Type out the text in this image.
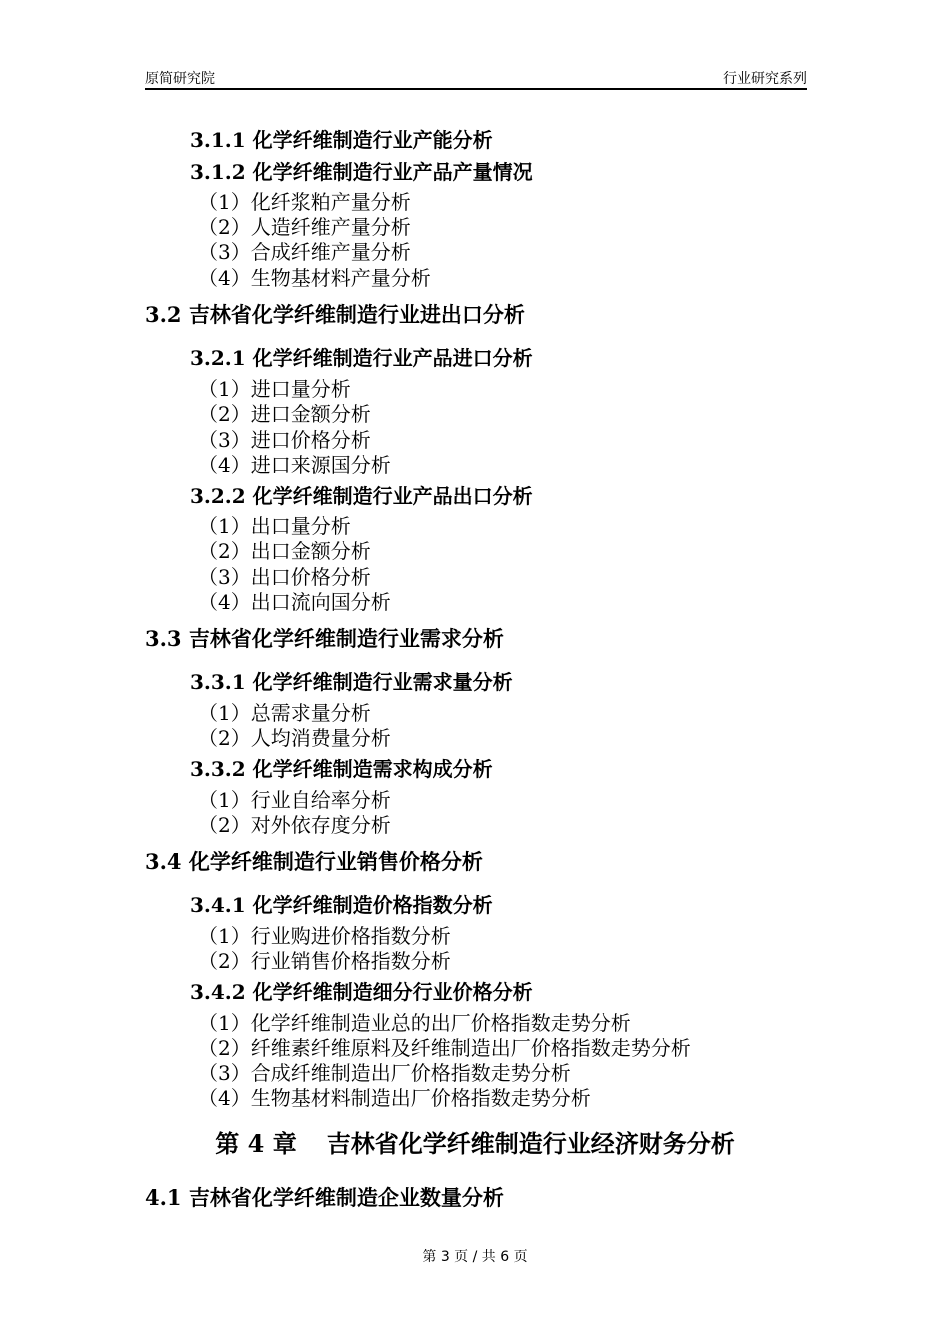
原简研究院	行业研究系列
3.1.1 化学纤维制造行业产能分析
3.1.2 化学纤维制造行业产品产量情况
（1）化纤浆粕产量分析
（2）人造纤维产量分析
（3）合成纤维产量分析
（4）生物基材料产量分析
3.2 吉林省化学纤维制造行业进出口分析
3.2.1 化学纤维制造行业产品进口分析
（1）进口量分析
（2）进口金额分析
（3）进口价格分析
（4）进口来源国分析
3.2.2 化学纤维制造行业产品出口分析
（1）出口量分析
（2）出口金额分析
（3）出口价格分析
（4）出口流向国分析
3.3 吉林省化学纤维制造行业需求分析
3.3.1 化学纤维制造行业需求量分析
（1）总需求量分析
（2）人均消费量分析
3.3.2 化学纤维制造需求构成分析
（1）行业自给率分析
（2）对外依存度分析
3.4 化学纤维制造行业销售价格分析
3.4.1 化学纤维制造价格指数分析
（1）行业购进价格指数分析
（2）行业销售价格指数分析
3.4.2 化学纤维制造细分行业价格分析
（1）化学纤维制造业总的出厂价格指数走势分析
（2）纤维素纤维原料及纤维制造出厂价格指数走势分析
（3）合成纤维制造出厂价格指数走势分析
（4）生物基材料制造出厂价格指数走势分析
第 4 章 吉林省化学纤维制造行业经济财务分析
4.1 吉林省化学纤维制造企业数量分析
第 3 页 / 共 6 页
